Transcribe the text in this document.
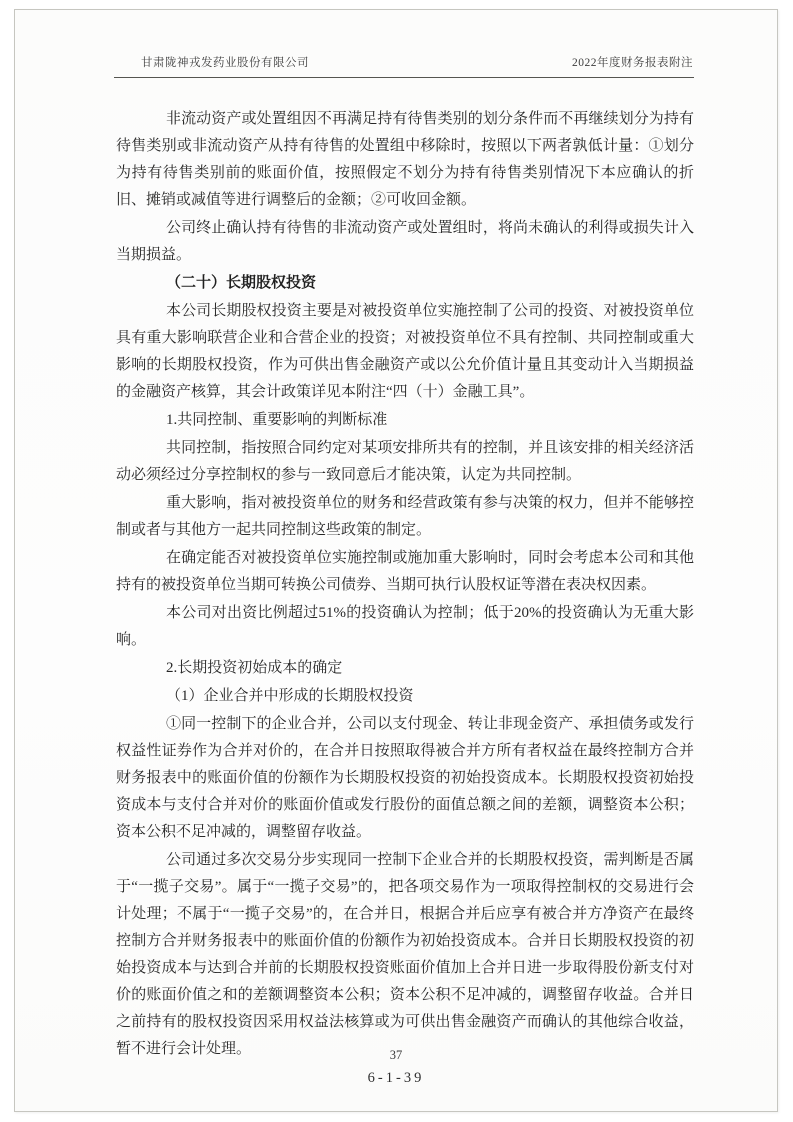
甘肃陇神戎发药业股份有限公司	2022年度财务报表附注

非流动资产或处置组因不再满足持有待售类别的划分条件而不再继续划分为持有待售类别或非流动资产从持有待售的处置组中移除时，按照以下两者孰低计量：①划分为持有待售类别前的账面价值，按照假定不划分为持有待售类别情况下本应确认的折旧、摊销或减值等进行调整后的金额；②可收回金额。

公司终止确认持有待售的非流动资产或处置组时，将尚未确认的利得或损失计入当期损益。

（二十）长期股权投资

本公司长期股权投资主要是对被投资单位实施控制了公司的投资、对被投资单位具有重大影响联营企业和合营企业的投资；对被投资单位不具有控制、共同控制或重大影响的长期股权投资，作为可供出售金融资产或以公允价值计量且其变动计入当期损益的金融资产核算，其会计政策详见本附注“四（十）金融工具”。

1.共同控制、重要影响的判断标准

共同控制，指按照合同约定对某项安排所共有的控制，并且该安排的相关经济活动必须经过分享控制权的参与一致同意后才能决策，认定为共同控制。

重大影响，指对被投资单位的财务和经营政策有参与决策的权力，但并不能够控制或者与其他方一起共同控制这些政策的制定。

在确定能否对被投资单位实施控制或施加重大影响时，同时会考虑本公司和其他持有的被投资单位当期可转换公司债券、当期可执行认股权证等潜在表决权因素。

本公司对出资比例超过51%的投资确认为控制；低于20%的投资确认为无重大影响。

2.长期投资初始成本的确定

（1）企业合并中形成的长期股权投资

①同一控制下的企业合并，公司以支付现金、转让非现金资产、承担债务或发行权益性证券作为合并对价的，在合并日按照取得被合并方所有者权益在最终控制方合并财务报表中的账面价值的份额作为长期股权投资的初始投资成本。长期股权投资初始投资成本与支付合并对价的账面价值或发行股份的面值总额之间的差额，调整资本公积；资本公积不足冲减的，调整留存收益。

公司通过多次交易分步实现同一控制下企业合并的长期股权投资，需判断是否属于“一揽子交易”。属于“一揽子交易”的，把各项交易作为一项取得控制权的交易进行会计处理；不属于“一揽子交易”的，在合并日，根据合并后应享有被合并方净资产在最终控制方合并财务报表中的账面价值的份额作为初始投资成本。合并日长期股权投资的初始投资成本与达到合并前的长期股权投资账面价值加上合并日进一步取得股份新支付对价的账面价值之和的差额调整资本公积；资本公积不足冲减的，调整留存收益。合并日之前持有的股权投资因采用权益法核算或为可供出售金融资产而确认的其他综合收益，暂不进行会计处理。	37
6-1-39
